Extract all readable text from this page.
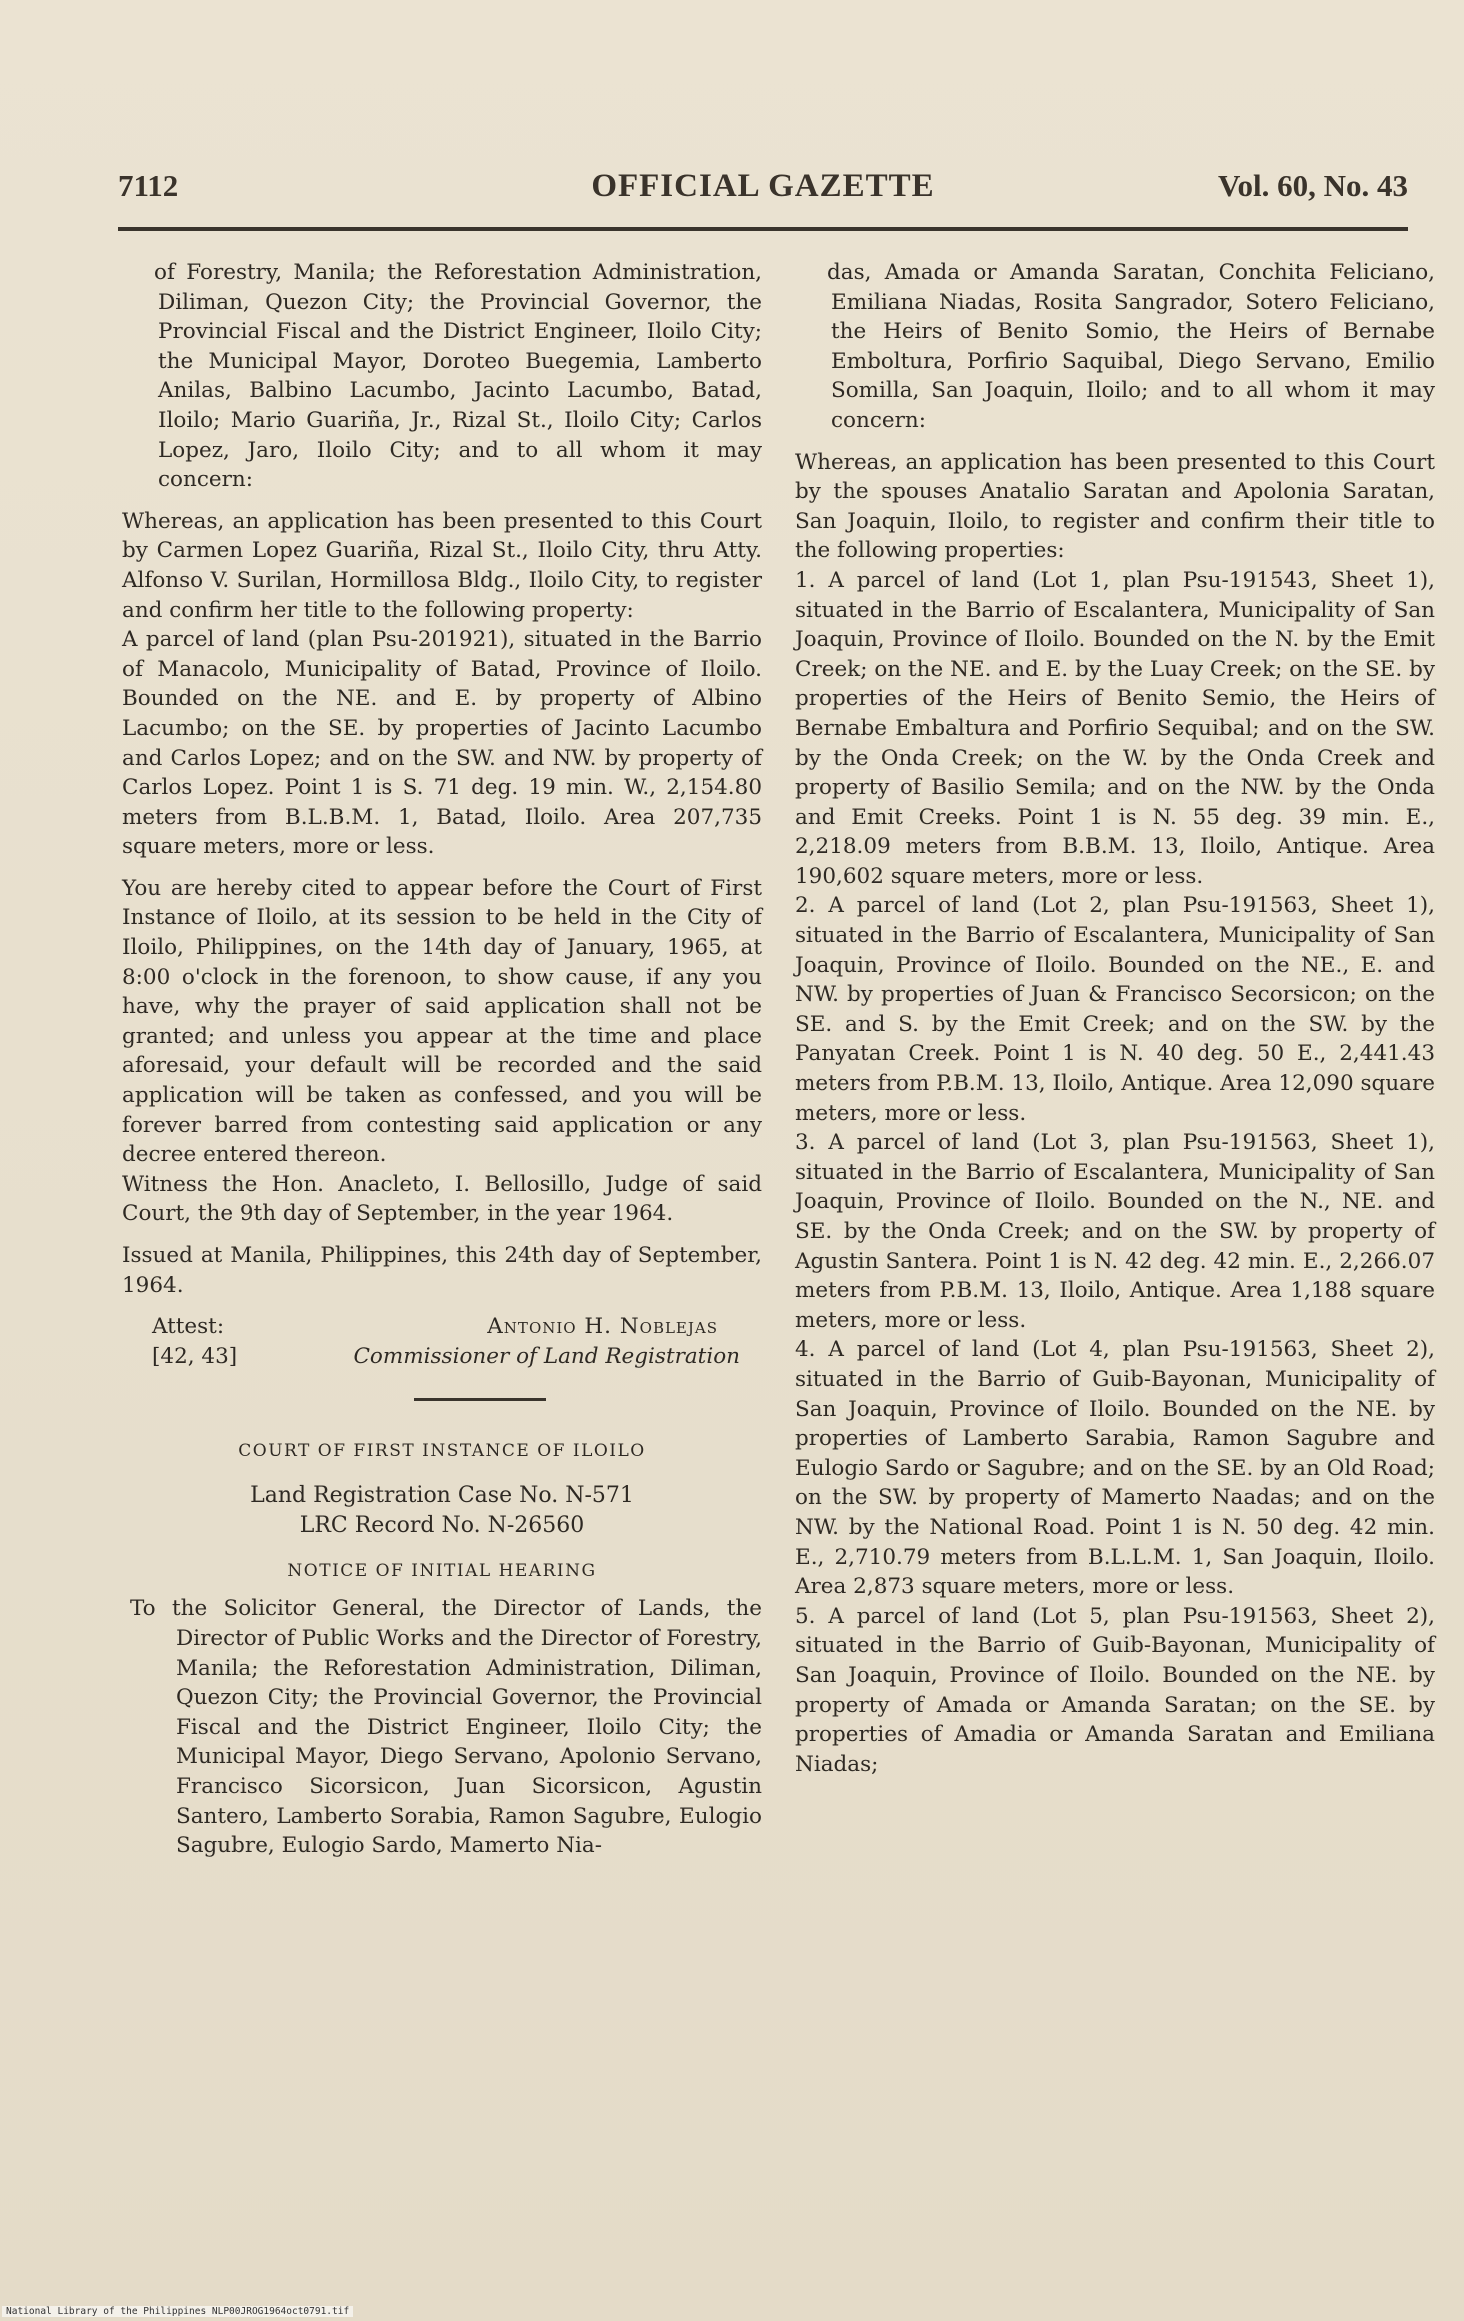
7112	OFFICIAL GAZETTE	Vol. 60, No. 43

of Forestry, Manila; the Reforestation Administration, Diliman, Quezon City; the Provincial Governor, the Provincial Fiscal and the District Engineer, Iloilo City; the Municipal Mayor, Doroteo Buegemia, Lamberto Anilas, Balbino Lacumbo, Jacinto Lacumbo, Batad, Iloilo; Mario Guariña, Jr., Rizal St., Iloilo City; Carlos Lopez, Jaro, Iloilo City; and to all whom it may concern:

Whereas, an application has been presented to this Court by Carmen Lopez Guariña, Rizal St., Iloilo City, thru Atty. Alfonso V. Surilan, Hormillosa Bldg., Iloilo City, to register and confirm her title to the following property:

A parcel of land (plan Psu-201921), situated in the Barrio of Manacolo, Municipality of Batad, Province of Iloilo. Bounded on the NE. and E. by property of Albino Lacumbo; on the SE. by properties of Jacinto Lacumbo and Carlos Lopez; and on the SW. and NW. by property of Carlos Lopez. Point 1 is S. 71 deg. 19 min. W., 2,154.80 meters from B.L.B.M. 1, Batad, Iloilo. Area 207,735 square meters, more or less.

You are hereby cited to appear before the Court of First Instance of Iloilo, at its session to be held in the City of Iloilo, Philippines, on the 14th day of January, 1965, at 8:00 o'clock in the forenoon, to show cause, if any you have, why the prayer of said application shall not be granted; and unless you appear at the time and place aforesaid, your default will be recorded and the said application will be taken as confessed, and you will be forever barred from contesting said application or any decree entered thereon.

Witness the Hon. Anacleto, I. Bellosillo, Judge of said Court, the 9th day of September, in the year 1964.

Issued at Manila, Philippines, this 24th day of September, 1964.

Attest:	Antonio H. Noblejas
[42, 43]	Commissioner of Land Registration

COURT OF FIRST INSTANCE OF ILOILO

Land Registration Case No. N-571

LRC Record No. N-26560

NOTICE OF INITIAL HEARING

To the Solicitor General, the Director of Lands, the Director of Public Works and the Director of Forestry, Manila; the Reforestation Administration, Diliman, Quezon City; the Provincial Governor, the Provincial Fiscal and the District Engineer, Iloilo City; the Municipal Mayor, Diego Servano, Apolonio Servano, Francisco Sicorsicon, Juan Sicorsicon, Agustin Santero, Lamberto Sorabia, Ramon Sagubre, Eulogio Sagubre, Eulogio Sardo, Mamerto Nia-

das, Amada or Amanda Saratan, Conchita Feliciano, Emiliana Niadas, Rosita Sangrador, Sotero Feliciano, the Heirs of Benito Somio, the Heirs of Bernabe Emboltura, Porfirio Saquibal, Diego Servano, Emilio Somilla, San Joaquin, Iloilo; and to all whom it may concern:

Whereas, an application has been presented to this Court by the spouses Anatalio Saratan and Apolonia Saratan, San Joaquin, Iloilo, to register and confirm their title to the following properties:

1. A parcel of land (Lot 1, plan Psu-191543, Sheet 1), situated in the Barrio of Escalantera, Municipality of San Joaquin, Province of Iloilo. Bounded on the N. by the Emit Creek; on the NE. and E. by the Luay Creek; on the SE. by properties of the Heirs of Benito Semio, the Heirs of Bernabe Embaltura and Porfirio Sequibal; and on the SW. by the Onda Creek; on the W. by the Onda Creek and property of Basilio Semila; and on the NW. by the Onda and Emit Creeks. Point 1 is N. 55 deg. 39 min. E., 2,218.09 meters from B.B.M. 13, Iloilo, Antique. Area 190,602 square meters, more or less.

2. A parcel of land (Lot 2, plan Psu-191563, Sheet 1), situated in the Barrio of Escalantera, Municipality of San Joaquin, Province of Iloilo. Bounded on the NE., E. and NW. by properties of Juan & Francisco Secorsicon; on the SE. and S. by the Emit Creek; and on the SW. by the Panyatan Creek. Point 1 is N. 40 deg. 50 E., 2,441.43 meters from P.B.M. 13, Iloilo, Antique. Area 12,090 square meters, more or less.

3. A parcel of land (Lot 3, plan Psu-191563, Sheet 1), situated in the Barrio of Escalantera, Municipality of San Joaquin, Province of Iloilo. Bounded on the N., NE. and SE. by the Onda Creek; and on the SW. by property of Agustin Santera. Point 1 is N. 42 deg. 42 min. E., 2,266.07 meters from P.B.M. 13, Iloilo, Antique. Area 1,188 square meters, more or less.

4. A parcel of land (Lot 4, plan Psu-191563, Sheet 2), situated in the Barrio of Guib-Bayonan, Municipality of San Joaquin, Province of Iloilo. Bounded on the NE. by properties of Lamberto Sarabia, Ramon Sagubre and Eulogio Sardo or Sagubre; and on the SE. by an Old Road; on the SW. by property of Mamerto Naadas; and on the NW. by the National Road. Point 1 is N. 50 deg. 42 min. E., 2,710.79 meters from B.L.L.M. 1, San Joaquin, Iloilo. Area 2,873 square meters, more or less.

5. A parcel of land (Lot 5, plan Psu-191563, Sheet 2), situated in the Barrio of Guib-Bayonan, Municipality of San Joaquin, Province of Iloilo. Bounded on the NE. by property of Amada or Amanda Saratan; on the SE. by properties of Amadia or Amanda Saratan and Emiliana Niadas;

National Library of the Philippines NLP00JROG1964oct0791.tif
